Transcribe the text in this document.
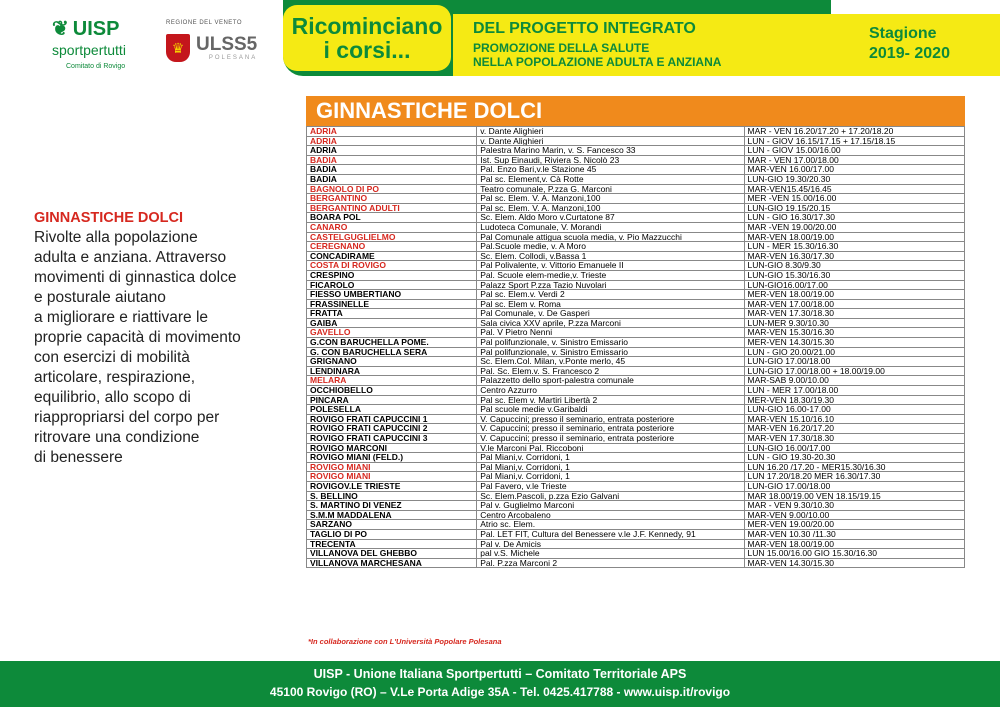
❦ UISP
sportpertutti
Comitato di Rovigo
REGIONE DEL VENETO
♛ ULSS5
POLESANA
Ricominciano
i corsi...
DEL PROGETTO INTEGRATO
PROMOZIONE DELLA SALUTE
NELLA POPOLAZIONE ADULTA E ANZIANA
Stagione
2019- 2020
GINNASTICHE DOLCI
Rivolte alla popolazione
adulta e anziana. Attraverso
movimenti di ginnastica dolce
e posturale aiutano
a migliorare e riattivare le
proprie capacità di movimento
con esercizi di mobilità
articolare, respirazione,
equilibrio, allo scopo di
riappropriarsi del corpo per
ritrovare una condizione
di benessere
GINNASTICHE DOLCI
ADRIA	v. Dante Alighieri	MAR - VEN 16.20/17.20 + 17.20/18.20
ADRIA	v. Dante Alighieri	LUN - GIOV 16.15/17.15 + 17.15/18.15
ADRIA	Palestra Marino Marin, v. S. Fancesco 33	LUN - GIOV 15.00/16.00
BADIA	Ist. Sup Einaudi, Riviera S. Nicolò 23	MAR - VEN 17.00/18.00
BADIA	Pal. Enzo Bari,v.le Stazione 45	MAR-VEN 16.00/17.00
BADIA	Pal sc. Element,v. Cà Rotte	LUN-GIO 19.30/20.30
BAGNOLO DI PO	Teatro comunale, P.zza G. Marconi	MAR-VEN15.45/16.45
BERGANTINO	Pal sc. Elem. V. A. Manzoni,100	MER -VEN 15.00/16.00
BERGANTINO ADULTI	Pal sc. Elem. V. A. Manzoni,100	LUN-GIO 19.15/20.15
BOARA POL	Sc. Elem. Aldo Moro v.Curtatone 87	LUN - GIO 16.30/17.30
CANARO	Ludoteca Comunale, V. Morandi	MAR -VEN 19.00/20.00
CASTELGUGLIELMO	Pal Comunale attigua scuola media, v. Pio Mazzucchi	MAR-VEN 18.00/19.00
CEREGNANO	Pal.Scuole medie, v. A Moro	LUN - MER 15.30/16.30
CONCADIRAME	Sc. Elem. Collodi, v.Bassa 1	MAR-VEN 16.30/17.30
COSTA DI ROVIGO	Pal Polivalente, v. Vittorio Emanuele II	LUN-GIO 8.30/9.30
CRESPINO	Pal. Scuole elem-medie,v. Trieste	LUN-GIO 15.30/16.30
FICAROLO	Palazz Sport P.zza Tazio Nuvolari	LUN-GIO16.00/17.00
FIESSO UMBERTIANO	Pal sc. Elem.v. Verdi 2	MER-VEN 18.00/19.00
FRASSINELLE	Pal sc. Elem v. Roma	MAR-VEN 17.00/18.00
FRATTA	Pal Comunale, v. De Gasperi	MAR-VEN 17.30/18.30
GAIBA	Sala civica XXV aprile, P.zza Marconi	LUN-MER 9.30/10.30
GAVELLO	Pal. V Pietro Nenni	MAR-VEN 15.30/16.30
G.CON BARUCHELLA POME.	Pal polifunzionale, v. Sinistro Emissario	MER-VEN 14.30/15.30
G. CON BARUCHELLA SERA	Pal polifunzionale, v. Sinistro Emissario	LUN - GIO 20.00/21.00
GRIGNANO	Sc. Elem.Col. Milan, v.Ponte merlo, 45	LUN-GIO 17.00/18.00
LENDINARA	Pal. Sc. Elem.v. S. Francesco 2	LUN-GIO 17.00/18.00 + 18.00/19.00
MELARA	Palazzetto dello sport-palestra comunale	MAR-SAB 9.00/10.00
OCCHIOBELLO	Centro Azzurro	LUN - MER 17.00/18.00
PINCARA	Pal sc. Elem v. Martiri Libertà 2	MER-VEN 18.30/19.30
POLESELLA	Pal scuole medie v.Garibaldi	LUN-GIO 16.00-17.00
ROVIGO FRATI CAPUCCINI 1	V. Capuccini; presso il seminario, entrata posteriore	MAR-VEN 15.10/16.10
ROVIGO FRATI CAPUCCINI 2	V. Capuccini; presso il seminario, entrata posteriore	MAR-VEN 16.20/17.20
ROVIGO FRATI CAPUCCINI 3	V. Capuccini; presso il seminario, entrata posteriore	MAR-VEN 17.30/18.30
ROVIGO MARCONI	V.le Marconi Pal. Riccoboni	LUN-GIO 16.00/17.00
ROVIGO MIANI (FELD.)	Pal Miani,v. Corridoni, 1	LUN - GIO 19.30-20.30
ROVIGO MIANI	Pal Miani,v. Corridoni, 1	LUN 16.20 /17.20 - MER15.30/16.30
ROVIGO MIANI	Pal Miani,v. Corridoni, 1	LUN 17.20/18.20 MER 16.30/17.30
ROVIGOV.LE TRIESTE	Pal Favero, v.le Trieste	LUN-GIO 17.00/18.00
S. BELLINO	Sc. Elem.Pascoli, p.zza Ezio Galvani	MAR 18.00/19.00 VEN 18.15/19.15
S. MARTINO DI VENEZ	Pal v. Guglielmo Marconi	MAR - VEN 9.30/10.30
S.M.M MADDALENA	Centro Arcobaleno	MAR-VEN 9.00/10.00
SARZANO	Atrio sc. Elem.	MER-VEN 19.00/20.00
TAGLIO DI PO	Pal. LET FIT, Cultura del Benessere v.le J.F. Kennedy, 91	MAR-VEN 10.30 /11.30
TRECENTA	Pal v. De Amicis	MAR-VEN 18.00/19.00
VILLANOVA DEL GHEBBO	pal v.S. Michele	LUN 15.00/16.00 GIO 15.30/16.30
VILLANOVA MARCHESANA	Pal. P.zza Marconi 2	MAR-VEN 14.30/15.30
*In collaborazione con L'Università Popolare Polesana
UISP - Unione Italiana Sportpertutti – Comitato Territoriale APS
45100 Rovigo (RO) – V.Le Porta Adige 35A - Tel. 0425.417788 - www.uisp.it/rovigo
